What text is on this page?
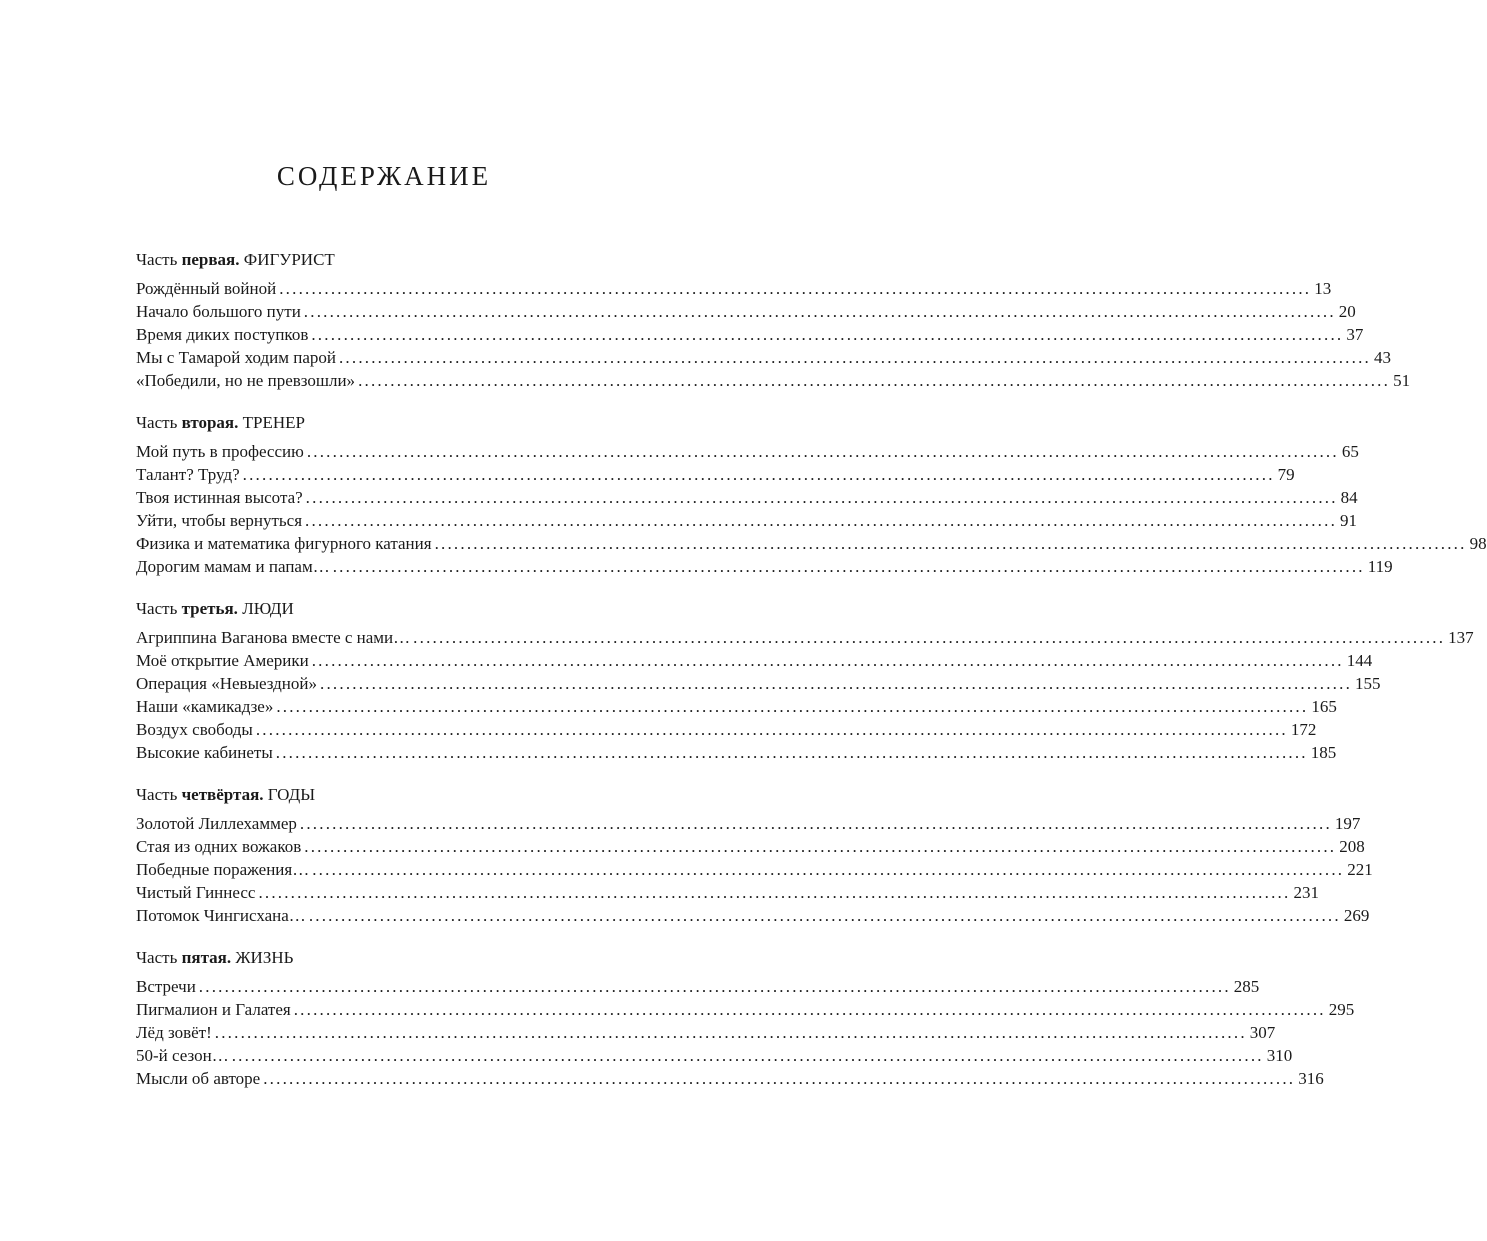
СОДЕРЖАНИЕ
Часть первая. ФИГУРИСТ
Рождённый войной ................................................................................................................................................................ 13
Начало большого пути ................................................................................................................................................................ 20
Время диких поступков ................................................................................................................................................................ 37
Мы с Тамарой ходим парой ................................................................................................................................................................ 43
«Победили, но не превзошли» ................................................................................................................................................................ 51
Часть вторая. ТРЕНЕР
Мой путь в профессию ................................................................................................................................................................ 65
Талант? Труд? ................................................................................................................................................................ 79
Твоя истинная высота? ................................................................................................................................................................ 84
Уйти, чтобы вернуться ................................................................................................................................................................ 91
Физика и математика фигурного катания ................................................................................................................................................................ 98
Дорогим мамам и папам… ................................................................................................................................................................ 119
Часть третья. ЛЮДИ
Агриппина Ваганова вместе с нами… ................................................................................................................................................................ 137
Моё открытие Америки ................................................................................................................................................................ 144
Операция «Невыездной» ................................................................................................................................................................ 155
Наши «камикадзе» ................................................................................................................................................................ 165
Воздух свободы ................................................................................................................................................................ 172
Высокие кабинеты ................................................................................................................................................................ 185
Часть четвёртая. ГОДЫ
Золотой Лиллехаммер ................................................................................................................................................................ 197
Стая из одних вожаков ................................................................................................................................................................ 208
Победные поражения… ................................................................................................................................................................ 221
Чистый Гиннесс ................................................................................................................................................................ 231
Потомок Чингисхана… ................................................................................................................................................................ 269
Часть пятая. ЖИЗНЬ
Встречи ................................................................................................................................................................ 285
Пигмалион и Галатея ................................................................................................................................................................ 295
Лёд зовёт! ................................................................................................................................................................ 307
50-й сезон… ................................................................................................................................................................ 310
Мысли об авторе ................................................................................................................................................................ 316
